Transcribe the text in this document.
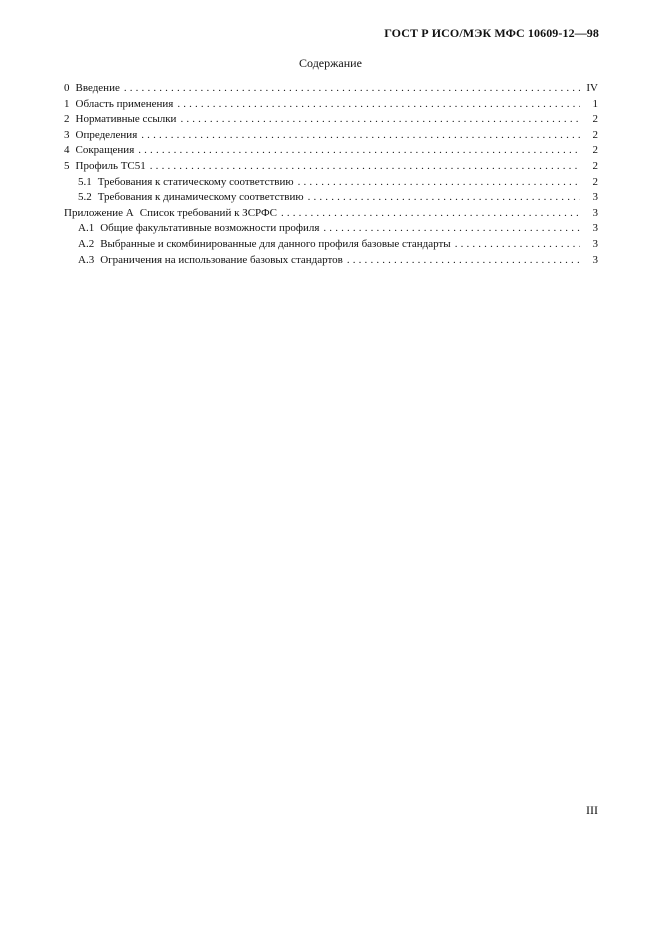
ГОСТ Р ИСО/МЭК МФС 10609-12—98
Содержание
0 Введение . . .	IV
1 Область применения . . .	1
2 Нормативные ссылки . . .	2
3 Определения . . .	2
4 Сокращения . . .	2
5 Профиль ТС51 . . .	2
5.1 Требования к статическому соответствию . . .	2
5.2 Требования к динамическому соответствию . . .	3
Приложение А Список требований к ЗСРФС . . .	3
А.1 Общие факультативные возможности профиля . . .	3
А.2 Выбранные и скомбинированные для данного профиля базовые стандарты . . .	3
А.3 Ограничения на использование базовых стандартов . . .	3
III
